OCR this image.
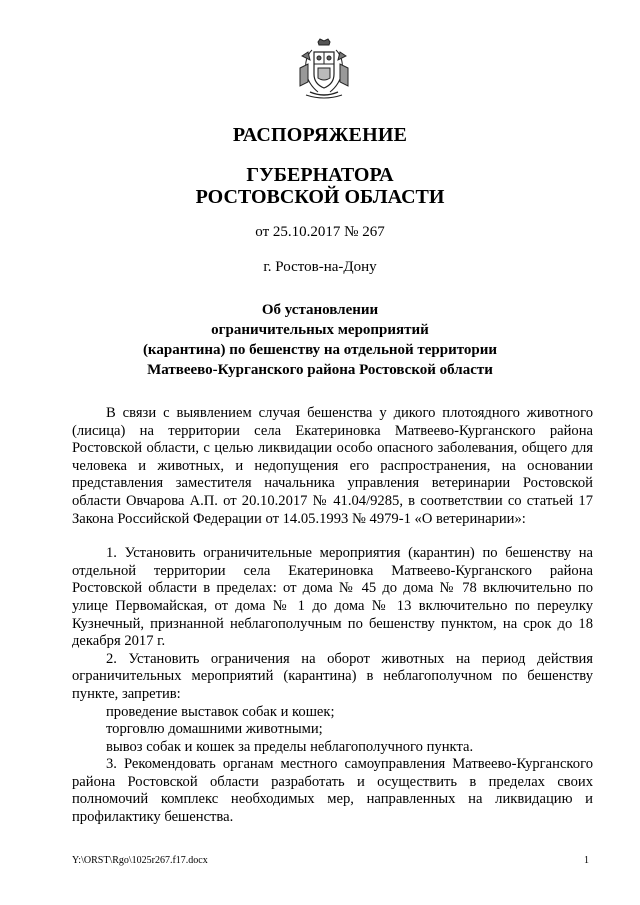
РАСПОРЯЖЕНИЕ
ГУБЕРНАТОРА
РОСТОВСКОЙ ОБЛАСТИ
от 25.10.2017 № 267
г. Ростов-на-Дону
Об установлении
ограничительных мероприятий
(карантина) по бешенству на отдельной территории
Матвеево-Курганского района Ростовской области

В связи с выявлением случая бешенства у дикого плотоядного животного (лисица) на территории села Екатериновка Матвеево-Курганского района Ростовской области, с целью ликвидации особо опасного заболевания, общего для человека и животных, и недопущения его распространения, на основании представления заместителя начальника управления ветеринарии Ростовской области Овчарова А.П. от 20.10.2017 № 41.04/9285, в соответствии со статьей 17 Закона Российской Федерации от 14.05.1993 № 4979-1 «О ветеринарии»:

1. Установить ограничительные мероприятия (карантин) по бешенству на отдельной территории села Екатериновка Матвеево-Курганского района Ростовской области в пределах: от дома № 45 до дома № 78 включительно по улице Первомайская, от дома № 1 до дома № 13 включительно по переулку Кузнечный, признанной неблагополучным по бешенству пунктом, на срок до 18 декабря 2017 г.

2. Установить ограничения на оборот животных на период действия ограничительных мероприятий (карантина) в неблагополучном по бешенству пункте, запретив:

проведение выставок собак и кошек;

торговлю домашними животными;

вывоз собак и кошек за пределы неблагополучного пункта.

3. Рекомендовать органам местного самоуправления Матвеево-Курганского района Ростовской области разработать и осуществить в пределах своих полномочий комплекс необходимых мер, направленных на ликвидацию и профилактику бешенства.

Y:\ORST\Rgo\1025r267.f17.docx	1
